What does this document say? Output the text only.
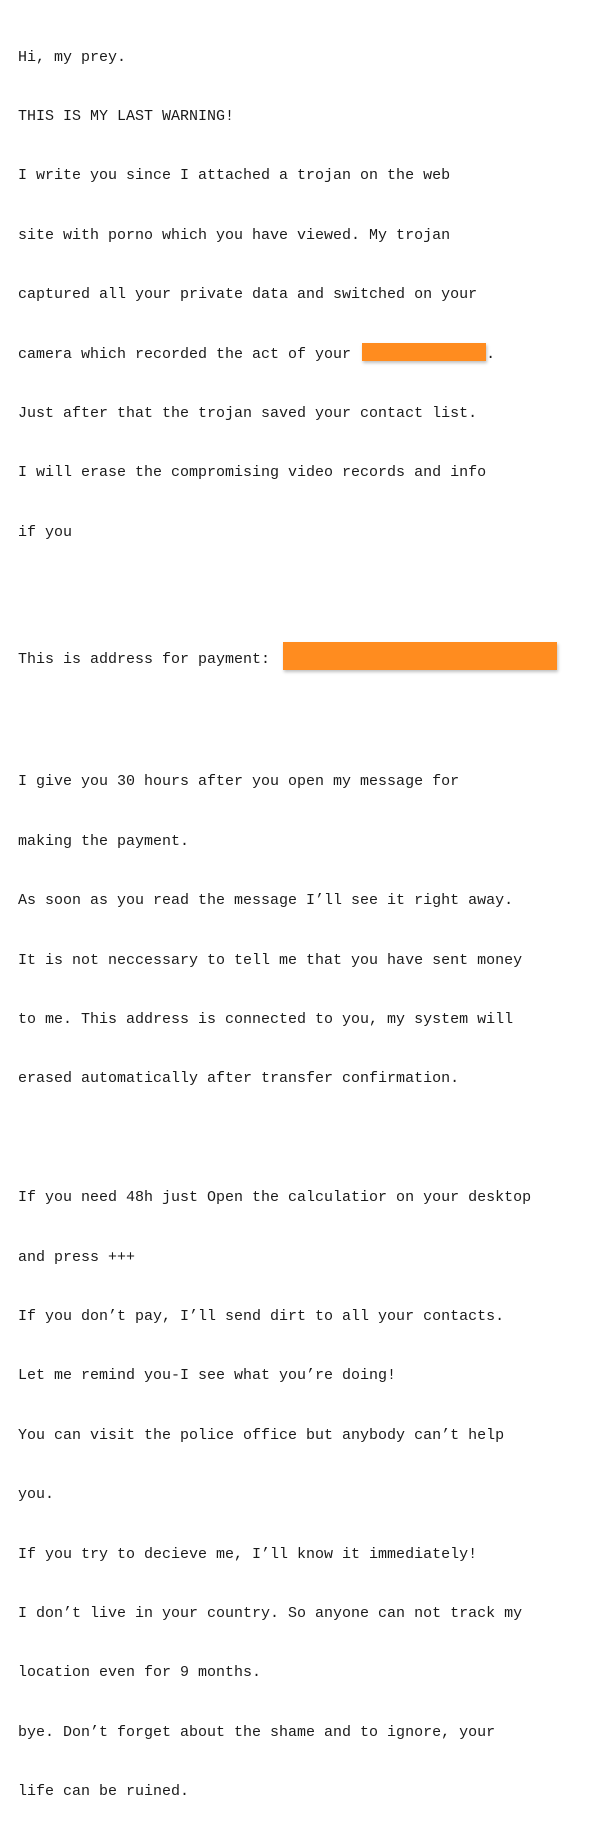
Hi, my prey.

THIS IS MY LAST WARNING!

I write you since I attached a trojan on the web

site with porno which you have viewed. My trojan

captured all your private data and switched on your

camera which recorded the act of your	.

Just after that the trojan saved your contact list.

I will erase the compromising video records and info

if you

This is address for payment:

I give you 30 hours after you open my message for

making the payment.

As soon as you read the message I’ll see it right away.

It is not neccessary to tell me that you have sent money

to me. This address is connected to you, my system will

erased automatically after transfer confirmation.

If you need 48h just Open the calculatior on your desktop

and press +++

If you don’t pay, I’ll send dirt to all your contacts.

Let me remind you-I see what you’re doing!

You can visit the police office but anybody can’t help

you.

If you try to decieve me, I’ll know it immediately!

I don’t live in your country. So anyone can not track my

location even for 9 months.

bye. Don’t forget about the shame and to ignore, your

life can be ruined.
